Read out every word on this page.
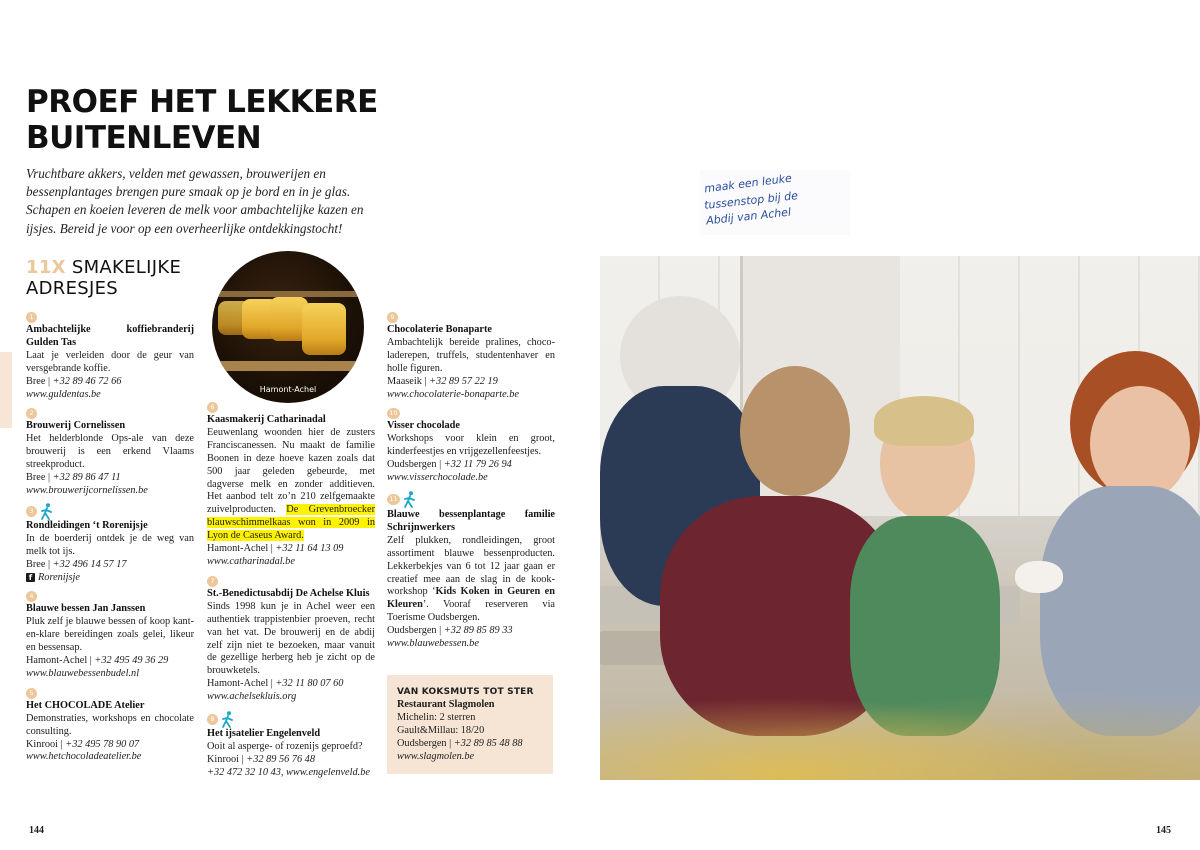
PROEF HET LEKKERE BUITENLEVEN

Vruchtbare akkers, velden met gewassen, brouwerijen en bessenplantages brengen pure smaak op je bord en in je glas. Schapen en koeien leveren de melk voor ambachtelijke kazen en ijsjes. Bereid je voor op een overheerlijke ontdekkingstocht!

11X SMAKELIJKE ADRESJES
Hamont-Achel
1
Ambachtelijke koffiebranderij Gulden Tas
Laat je verleiden door de geur van versgebrande koffie.
Bree | +32 89 46 72 66
www.guldentas.be
2
Brouwerij Cornelissen
Het helderblonde Ops-ale van deze brouwerij is een erkend Vlaams streekproduct.
Bree | +32 89 86 47 11
www.brouwerijcornelissen.be
3
Rondleidingen ‘t Rorenijsje
In de boerderij ontdek je de weg van melk tot ijs.
Bree | +32 496 14 57 17
f Rorenijsje
4
Blauwe bessen Jan Janssen
Pluk zelf je blauwe bessen of koop kant-en-klare bereidingen zoals gelei, likeur en bessensap.
Hamont-Achel | +32 495 49 36 29
www.blauwebessenbudel.nl
5
Het CHOCOLADE Atelier
Demonstraties, workshops en chocolate consulting.
Kinrooi | +32 495 78 90 07
www.hetchocoladeatelier.be
6
Kaasmakerij Catharinadal
Eeuwenlang woonden hier de zusters Franciscanessen. Nu maakt de familie Boonen in deze hoeve kazen zoals dat 500 jaar geleden gebeurde, met dagverse melk en zonder additieven. Het aanbod telt zo’n 210 zelfgemaakte zuivelproducten. De Grevenbroecker blauwschimmelkaas won in 2009 in Lyon de Caseus Award.
Hamont-Achel | +32 11 64 13 09
www.catharinadal.be
7
St.-Benedictusabdij De Achelse Kluis
Sinds 1998 kun je in Achel weer een authentiek trappistenbier proeven, recht van het vat. De brouwerij en de abdij zelf zijn niet te bezoeken, maar vanuit de gezellige herberg heb je zicht op de brouwketels.
Hamont-Achel | +32 11 80 07 60
www.achelsekluis.org
8
Het ijsatelier Engelenveld
Ooit al asperge- of rozenijs geproefd?
Kinrooi | +32 89 56 76 48
+32 472 32 10 43, www.engelenveld.be
9
Chocolaterie Bonaparte
Ambachtelijk bereide pralines, chocoladerepen, truffels, studentenhaver en holle figuren.
Maaseik | +32 89 57 22 19
www.chocolaterie-bonaparte.be
10
Visser chocolade
Workshops voor klein en groot, kinderfeestjes en vrijgezellenfeestjes.
Oudsbergen | +32 11 79 26 94
www.visserchocolade.be
11
Blauwe bessenplantage familie Schrijnwerkers
Zelf plukken, rondleidingen, groot assortiment blauwe bessenproducten. Lekkerbekjes van 6 tot 12 jaar gaan er creatief mee aan de slag in de kookworkshop ‘Kids Koken in Geuren en Kleuren’. Vooraf reserveren via Toerisme Oudsbergen.
Oudsbergen | +32 89 85 89 33
www.blauwebessen.be
VAN KOKSMUTS TOT STER
Restaurant Slagmolen
Michelin: 2 sterren
Gault&Millau: 18/20
Oudsbergen | +32 89 85 48 88
www.slagmolen.be
maak een leuke
tussenstop bij de
Abdij van Achel
144	145
